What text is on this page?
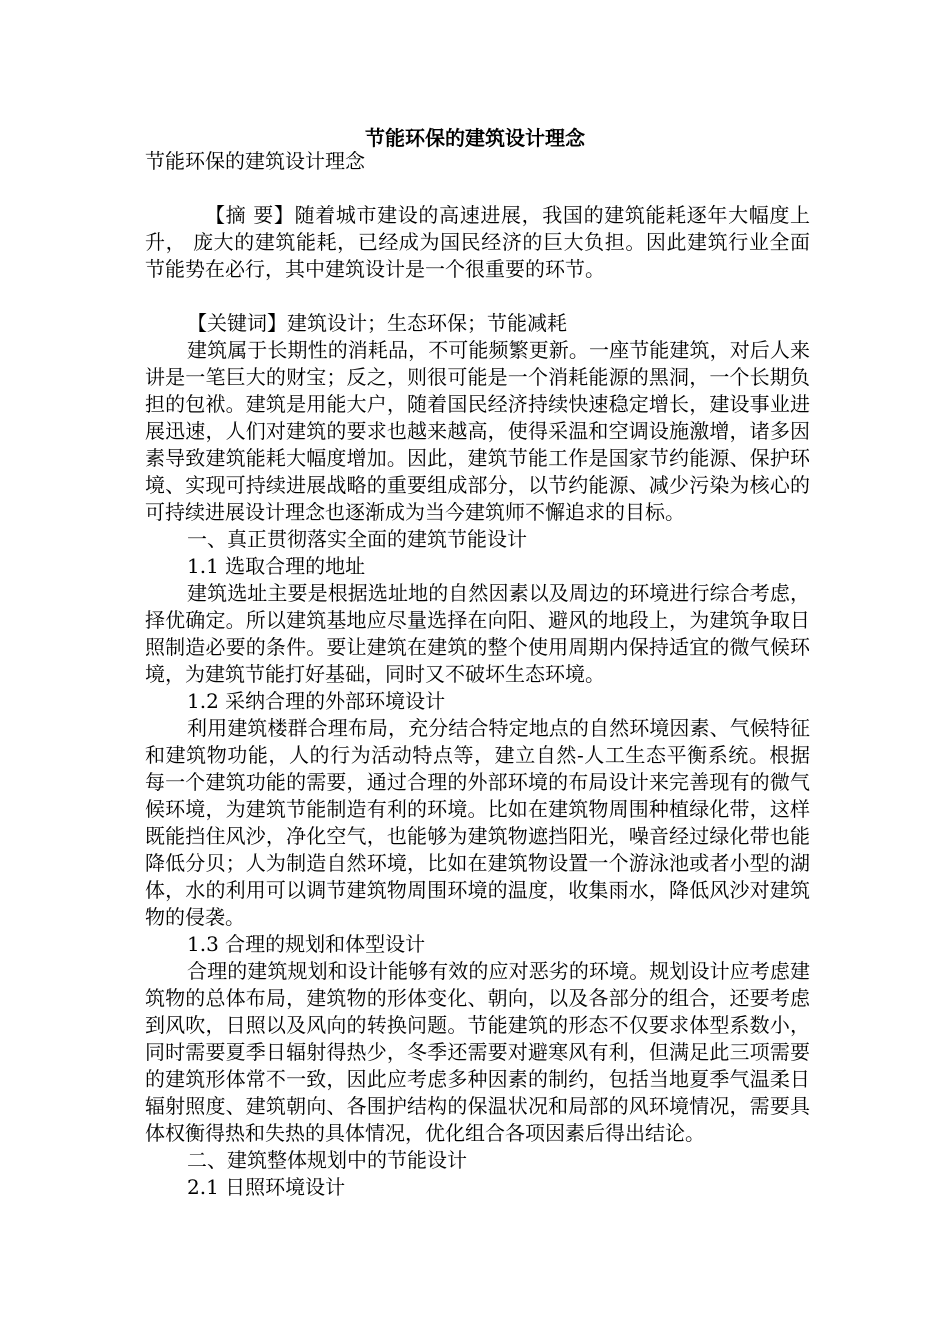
节能环保的建筑设计理念

节能环保的建筑设计理念

【摘 要】随着城市建设的高速进展，我国的建筑能耗逐年大幅度上升， 庞大的建筑能耗，已经成为国民经济的巨大负担。因此建筑行业全面节能势在必行，其中建筑设计是一个很重要的环节。

【关键词】建筑设计；生态环保；节能减耗

建筑属于长期性的消耗品，不可能频繁更新。一座节能建筑，对后人来讲是一笔巨大的财宝；反之，则很可能是一个消耗能源的黑洞，一个长期负担的包袱。建筑是用能大户，随着国民经济持续快速稳定增长，建设事业进展迅速，人们对建筑的要求也越来越高，使得采温和空调设施激增，诸多因素导致建筑能耗大幅度增加。因此，建筑节能工作是国家节约能源、保护环境、实现可持续进展战略的重要组成部分，以节约能源、减少污染为核心的可持续进展设计理念也逐渐成为当今建筑师不懈追求的目标。

一、真正贯彻落实全面的建筑节能设计

1.1 选取合理的地址

建筑选址主要是根据选址地的自然因素以及周边的环境进行综合考虑，择优确定。所以建筑基地应尽量选择在向阳、避风的地段上，为建筑争取日照制造必要的条件。要让建筑在建筑的整个使用周期内保持适宜的微气候环境，为建筑节能打好基础，同时又不破坏生态环境。

1.2 采纳合理的外部环境设计

利用建筑楼群合理布局，充分结合特定地点的自然环境因素、气候特征和建筑物功能，人的行为活动特点等，建立自然-人工生态平衡系统。根据每一个建筑功能的需要，通过合理的外部环境的布局设计来完善现有的微气候环境，为建筑节能制造有利的环境。比如在建筑物周围种植绿化带，这样既能挡住风沙，净化空气，也能够为建筑物遮挡阳光，噪音经过绿化带也能降低分贝；人为制造自然环境，比如在建筑物设置一个游泳池或者小型的湖体，水的利用可以调节建筑物周围环境的温度，收集雨水，降低风沙对建筑物的侵袭。

1.3 合理的规划和体型设计

合理的建筑规划和设计能够有效的应对恶劣的环境。规划设计应考虑建筑物的总体布局，建筑物的形体变化、朝向，以及各部分的组合，还要考虑到风吹，日照以及风向的转换问题。节能建筑的形态不仅要求体型系数小，同时需要夏季日辐射得热少，冬季还需要对避寒风有利，但满足此三项需要的建筑形体常不一致，因此应考虑多种因素的制约，包括当地夏季气温柔日辐射照度、建筑朝向、各围护结构的保温状况和局部的风环境情况，需要具体权衡得热和失热的具体情况，优化组合各项因素后得出结论。

二、建筑整体规划中的节能设计

2.1 日照环境设计
